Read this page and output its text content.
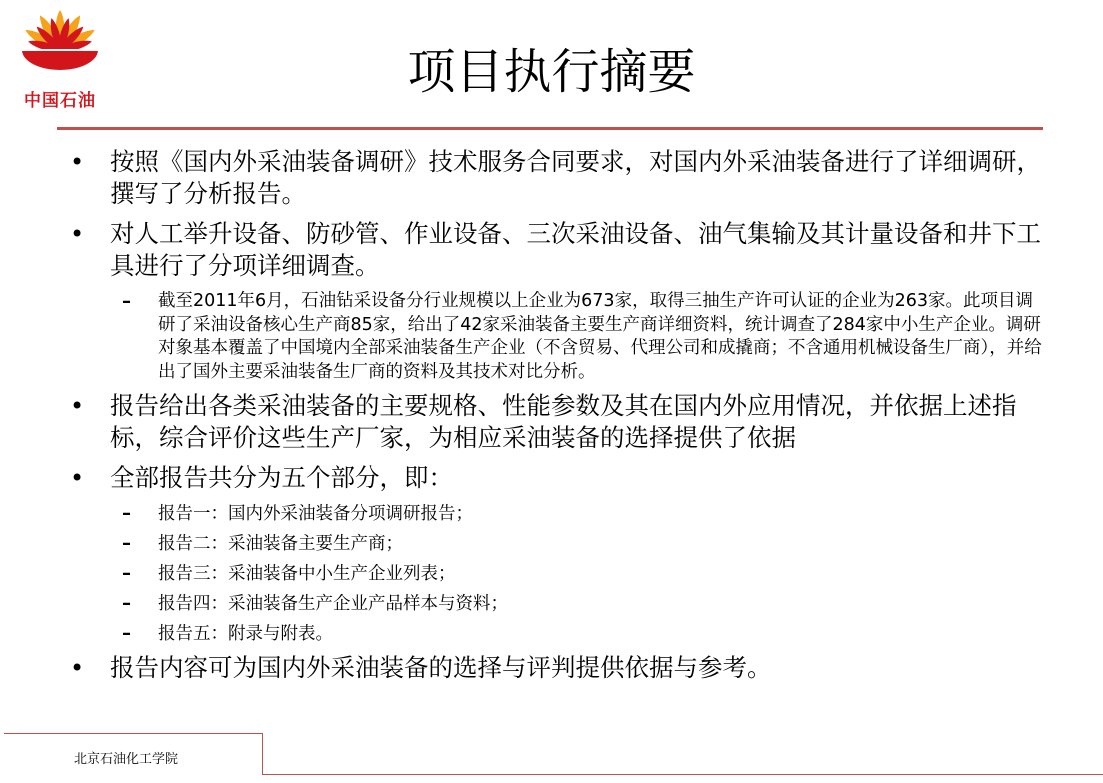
中国石油
项目执行摘要
• 按照《国内外采油装备调研》技术服务合同要求，对国内外采油装备进行了详细调研，撰写了分析报告。
• 对人工举升设备、防砂管、作业设备、三次采油设备、油气集输及其计量设备和井下工具进行了分项详细调查。
– 截至2011年6月，石油钻采设备分行业规模以上企业为673家，取得三抽生产许可认证的企业为263家。此项目调研了采油设备核心生产商85家，给出了42家采油装备主要生产商详细资料，统计调查了284家中小生产企业。调研对象基本覆盖了中国境内全部采油装备生产企业（不含贸易、代理公司和成撬商；不含通用机械设备生厂商），并给出了国外主要采油装备生厂商的资料及其技术对比分析。
• 报告给出各类采油装备的主要规格、性能参数及其在国内外应用情况，并依据上述指标，综合评价这些生产厂家，为相应采油装备的选择提供了依据
• 全部报告共分为五个部分，即：
– 报告一：国内外采油装备分项调研报告；
– 报告二：采油装备主要生产商；
– 报告三：采油装备中小生产企业列表；
– 报告四：采油装备生产企业产品样本与资料；
– 报告五：附录与附表。
• 报告内容可为国内外采油装备的选择与评判提供依据与参考。
北京石油化工学院
